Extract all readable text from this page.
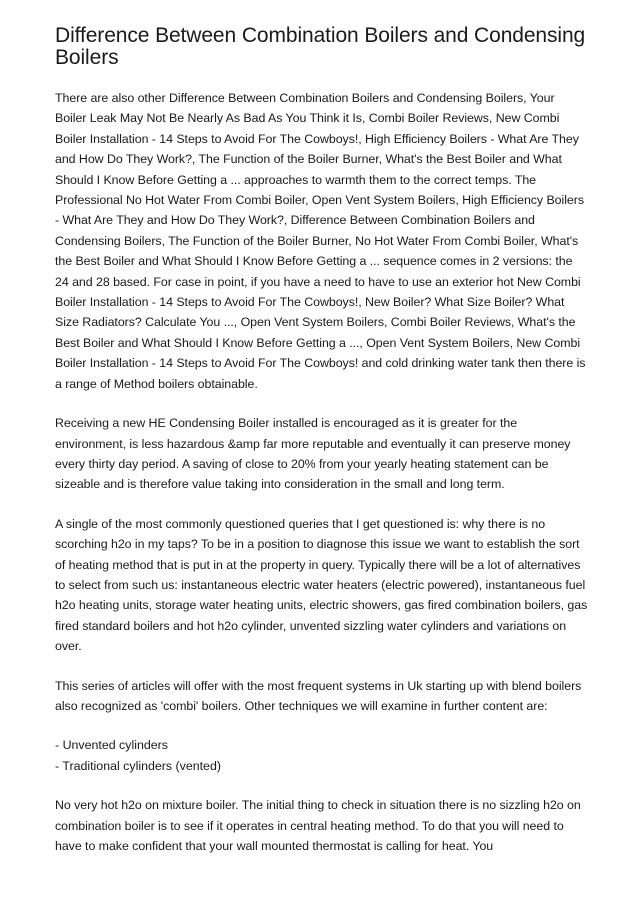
Difference Between Combination Boilers and Condensing Boilers

There are also other Difference Between Combination Boilers and Condensing Boilers, Your Boiler Leak May Not Be Nearly As Bad As You Think it Is, Combi Boiler Reviews, New Combi Boiler Installation - 14 Steps to Avoid For The Cowboys!, High Efficiency Boilers - What Are They and How Do They Work?, The Function of the Boiler Burner, What's the Best Boiler and What Should I Know Before Getting a ... approaches to warmth them to the correct temps. The Professional No Hot Water From Combi Boiler, Open Vent System Boilers, High Efficiency Boilers - What Are They and How Do They Work?, Difference Between Combination Boilers and Condensing Boilers, The Function of the Boiler Burner, No Hot Water From Combi Boiler, What's the Best Boiler and What Should I Know Before Getting a ... sequence comes in 2 versions: the 24 and 28 based. For case in point, if you have a need to have to use an exterior hot New Combi Boiler Installation - 14 Steps to Avoid For The Cowboys!, New Boiler? What Size Boiler? What Size Radiators? Calculate You ..., Open Vent System Boilers, Combi Boiler Reviews, What's the Best Boiler and What Should I Know Before Getting a ..., Open Vent System Boilers, New Combi Boiler Installation - 14 Steps to Avoid For The Cowboys! and cold drinking water tank then there is a range of Method boilers obtainable.

Receiving a new HE Condensing Boiler installed is encouraged as it is greater for the environment, is less hazardous &amp far more reputable and eventually it can preserve money every thirty day period. A saving of close to 20% from your yearly heating statement can be sizeable and is therefore value taking into consideration in the small and long term.

A single of the most commonly questioned queries that I get questioned is: why there is no scorching h2o in my taps? To be in a position to diagnose this issue we want to establish the sort of heating method that is put in at the property in query. Typically there will be a lot of alternatives to select from such us: instantaneous electric water heaters (electric powered), instantaneous fuel h2o heating units, storage water heating units, electric showers, gas fired combination boilers, gas fired standard boilers and hot h2o cylinder, unvented sizzling water cylinders and variations on over.

This series of articles will offer with the most frequent systems in Uk starting up with blend boilers also recognized as 'combi' boilers. Other techniques we will examine in further content are:

- Unvented cylinders
- Traditional cylinders (vented)

No very hot h2o on mixture boiler. The initial thing to check in situation there is no sizzling h2o on combination boiler is to see if it operates in central heating method. To do that you will need to have to make confident that your wall mounted thermostat is calling for heat. You
